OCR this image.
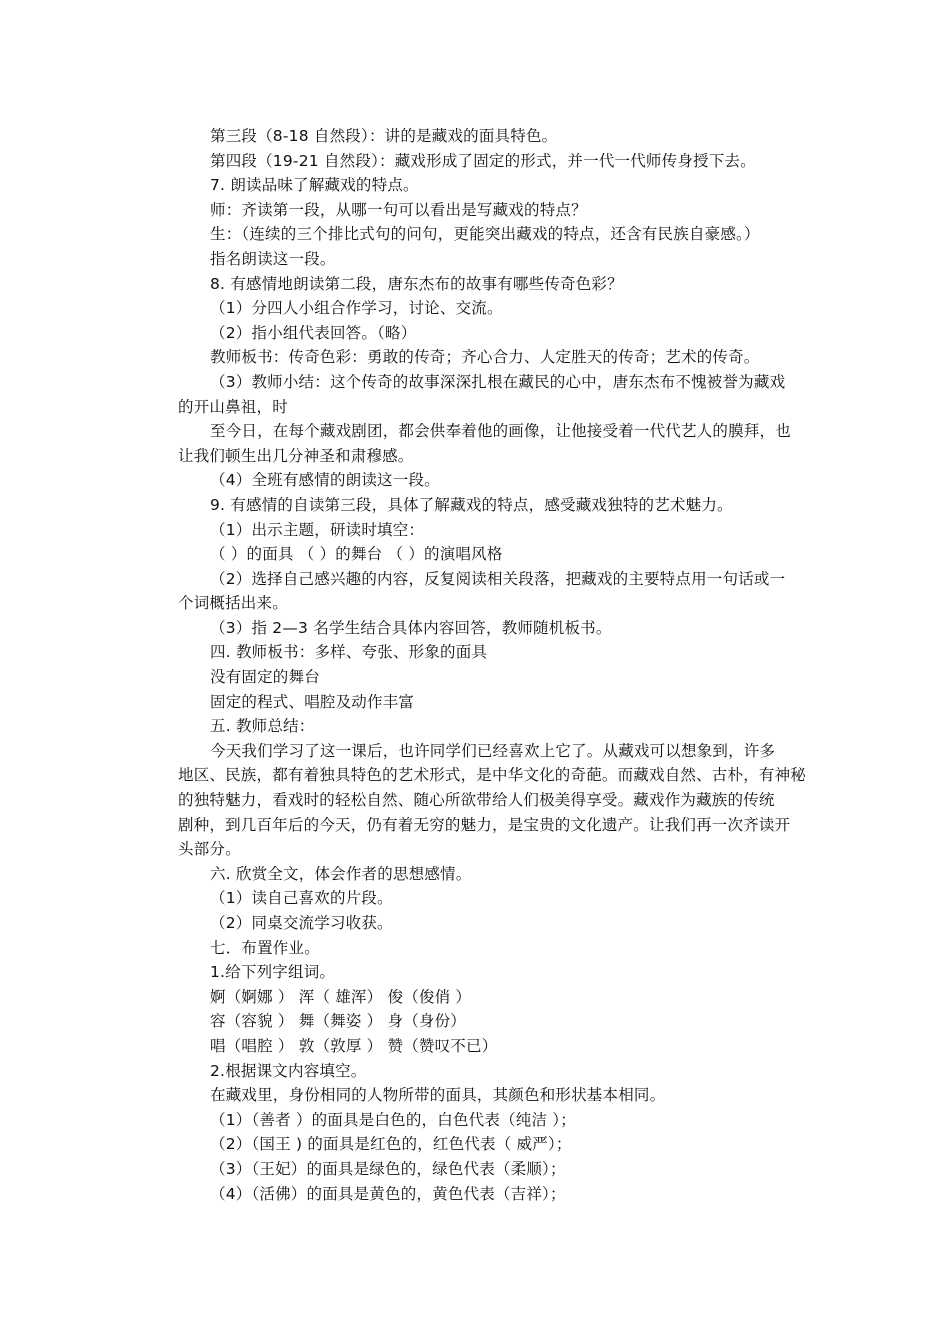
第三段（8-18 自然段）：讲的是藏戏的面具特色。
第四段（19-21 自然段）：藏戏形成了固定的形式，并一代一代师传身授下去。
7. 朗读品味了解藏戏的特点。
师：齐读第一段，从哪一句可以看出是写藏戏的特点？
生：（连续的三个排比式句的问句，更能突出藏戏的特点，还含有民族自豪感。）
指名朗读这一段。
8. 有感情地朗读第二段，唐东杰布的故事有哪些传奇色彩？
（1）分四人小组合作学习，讨论、交流。
（2）指小组代表回答。（略）
教师板书：传奇色彩：勇敢的传奇；齐心合力、人定胜天的传奇；艺术的传奇。
（3）教师小结：这个传奇的故事深深扎根在藏民的心中，唐东杰布不愧被誉为藏戏
的开山鼻祖，时
至今日，在每个藏戏剧团，都会供奉着他的画像，让他接受着一代代艺人的膜拜，也
让我们顿生出几分神圣和肃穆感。
（4）全班有感情的朗读这一段。
9. 有感情的自读第三段，具体了解藏戏的特点，感受藏戏独特的艺术魅力。
（1）出示主题，研读时填空：
（ ）的面具 （ ）的舞台 （ ）的演唱风格
（2）选择自己感兴趣的内容，反复阅读相关段落，把藏戏的主要特点用一句话或一
个词概括出来。
（3）指 2—3 名学生结合具体内容回答，教师随机板书。
四. 教师板书：多样、夸张、形象的面具
没有固定的舞台
固定的程式、唱腔及动作丰富
五. 教师总结：
今天我们学习了这一课后，也许同学们已经喜欢上它了。从藏戏可以想象到，许多
地区、民族，都有着独具特色的艺术形式，是中华文化的奇葩。而藏戏自然、古朴，有神秘
的独特魅力，看戏时的轻松自然、随心所欲带给人们极美得享受。藏戏作为藏族的传统
剧种，到几百年后的今天，仍有着无穷的魅力，是宝贵的文化遗产。让我们再一次齐读开
头部分。
六. 欣赏全文，体会作者的思想感情。
（1）读自己喜欢的片段。
（2）同桌交流学习收获。
七．布置作业。
1.给下列字组词。
婀（婀娜 ） 浑（ 雄浑） 俊（俊俏 ）
容（容貌 ） 舞（舞姿 ） 身（身份）
唱（唱腔 ） 敦（敦厚 ） 赞（赞叹不已）
2.根据课文内容填空。
在藏戏里，身份相同的人物所带的面具，其颜色和形状基本相同。
（1）（善者 ）的面具是白色的，白色代表（纯洁 ）；
（2）（国王 ) 的面具是红色的，红色代表（ 威严）；
（3）（王妃）的面具是绿色的，绿色代表（柔顺）；
（4）（活佛）的面具是黄色的，黄色代表（吉祥）；
